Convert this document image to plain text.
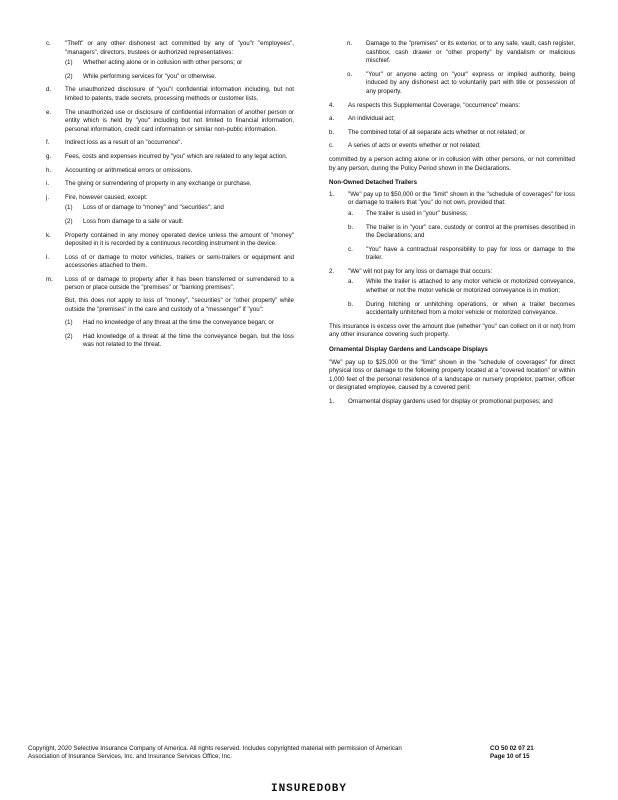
c. "Theft" or any other dishonest act committed by any of "you"r "employees", "managers", directors, trustees or authorized representatives:
(1) Whether acting alone or in collusion with other persons; or
(2) While performing services for "you" or otherwise.
d. The unauthorized disclosure of "you"r confidential information including, but not limited to patents, trade secrets, processing methods or customer lists.
e. The unauthorized use or disclosure of confidential information of another person or entity which is held by "you" including but not limited to financial information, personal information, credit card information or similar non-public information.
f.	Indirect loss as a result of an "occurrence".
g. Fees, costs and expenses incurred by "you" which are related to any legal action.
h. Accounting or arithmetical errors or omissions.
i.	The giving or surrendering of property in any exchange or purchase.
j.	Fire, however caused, except:
(1) Loss of or damage to "money" and "securities"; and
(2) Loss from damage to a safe or vault.
k. Property contained in any money operated device unless the amount of "money" deposited in it is recorded by a continuous recording instrument in the device.
l.	Loss of or damage to motor vehicles, trailers or semi-trailers or equipment and accessories attached to them.
m. Loss of or damage to property after it has been transferred or surrendered to a person or place outside the "premises" or "banking premises".
But, this does not apply to loss of "money", "securities" or "other property" while outside the "premises" in the care and custody of a "messenger" if "you":
(1) Had no knowledge of any threat at the time the conveyance began; or
(2) Had knowledge of a threat at the time the conveyance began, but the loss was not related to the threat.
n. Damage to the "premises" or its exterior, or to any safe, vault, cash register, cashbox, cash drawer or "other property" by vandalism or malicious mischief.
o. "Your" or anyone acting on "your" express or implied authority, being induced by any dishonest act to voluntarily part with title or possession of any property.
4. As respects this Supplemental Coverage, "occurrence" means:
a. An individual act;
b. The combined total of all separate acts whether or not related; or
c. A series of acts or events whether or not related;
committed by a person acting alone or in collusion with other persons, or not committed by any person, during the Policy Period shown in the Declarations.
Non-Owned Detached Trailers
1. "We" pay up to $50,000 or the "limit" shown in the "schedule of coverages" for loss or damage to trailers that "you" do not own, provided that:
a. The trailer is used in "your" business;
b. The trailer is in "your" care, custody or control at the premises described in the Declarations; and
c. "You" have a contractual responsibility to pay for loss or damage to the trailer.
2. "We" will not pay for any loss or damage that occurs:
a. While the trailer is attached to any motor vehicle or motorized conveyance, whether or not the motor vehicle or motorized conveyance is in motion;
b. During hitching or unhitching operations, or when a trailer becomes accidentally unhitched from a motor vehicle or motorized conveyance.
This insurance is excess over the amount due (whether "you" can collect on it or not) from any other insurance covering such property.
Ornamental Display Gardens and Landscape Displays
"We" pay up to $25,000 or the "limit" shown in the "schedule of coverages" for direct physical loss or damage to the following property located at a "covered location" or within 1,000 feet of the personal residence of a landscape or nursery proprietor, partner, officer or designated employee, caused by a covered peril:
1. Ornamental display gardens used for display or promotional purposes; and
Copyright, 2020 Selective Insurance Company of America. All rights reserved. Includes copyrighted material with permission of American Association of Insurance Services, Inc. and Insurance Services Office, Inc.
CO 50 02 07 21
Page 10 of 15
INSUREDOBY
